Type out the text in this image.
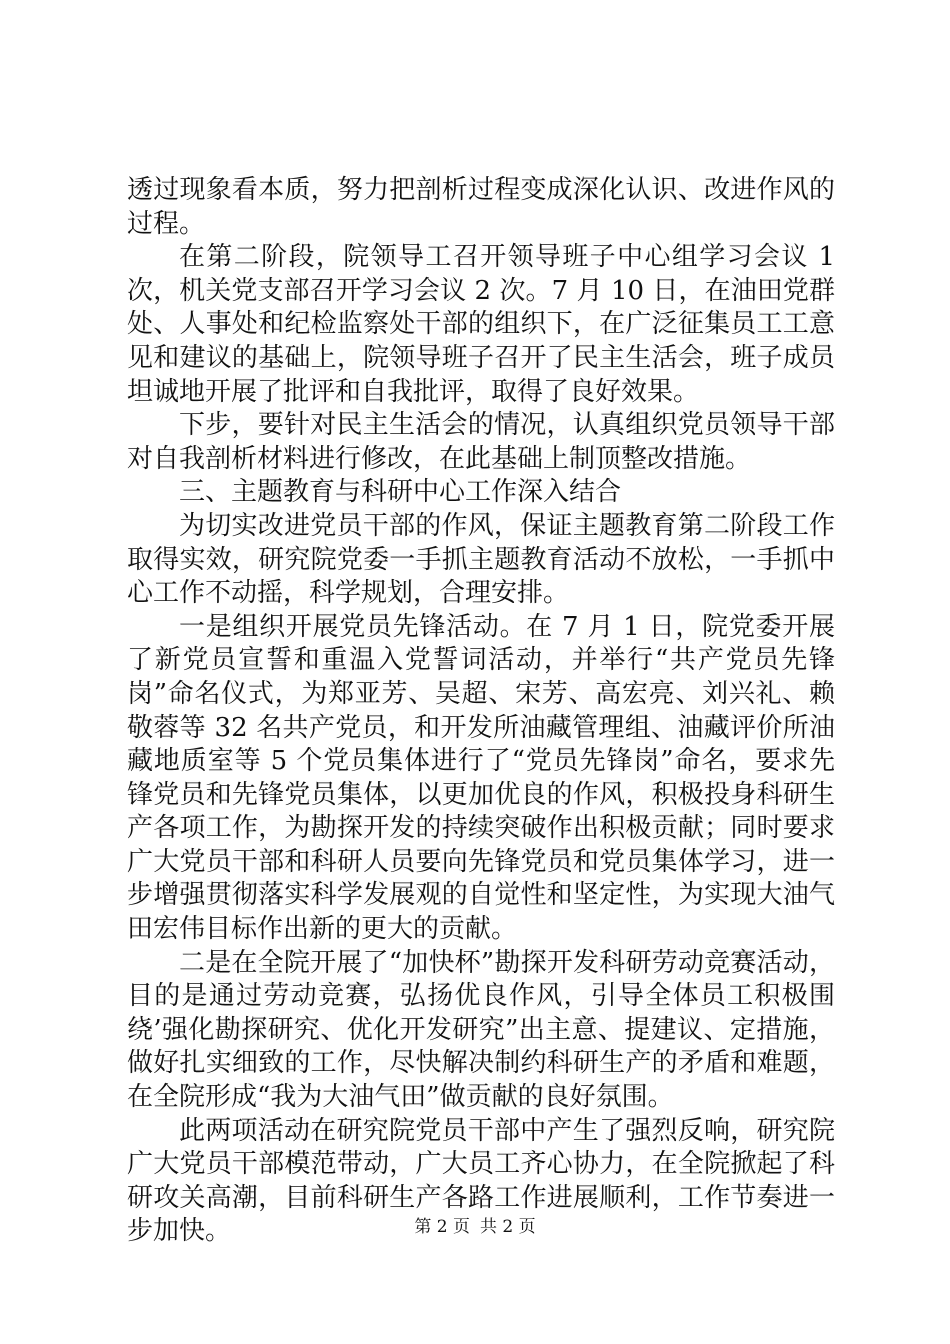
透过现象看本质，努力把剖析过程变成深化认识、改进作风的过程。

在第二阶段，院领导工召开领导班子中心组学习会议 1 次，机关党支部召开学习会议 2 次。7 月 10 日，在油田党群处、人事处和纪检监察处干部的组织下，在广泛征集员工工意见和建议的基础上，院领导班子召开了民主生活会，班子成员坦诚地开展了批评和自我批评，取得了良好效果。

下步，要针对民主生活会的情况，认真组织党员领导干部对自我剖析材料进行修改，在此基础上制顶整改措施。

三、主题教育与科研中心工作深入结合

为切实改进党员干部的作风，保证主题教育第二阶段工作取得实效，研究院党委一手抓主题教育活动不放松，一手抓中心工作不动摇，科学规划，合理安排。

一是组织开展党员先锋活动。在 7 月 1 日，院党委开展了新党员宣誓和重温入党誓词活动，并举行“共产党员先锋岗”命名仪式，为郑亚芳、吴超、宋芳、高宏亮、刘兴礼、赖敬蓉等 32 名共产党员，和开发所油藏管理组、油藏评价所油藏地质室等 5 个党员集体进行了“党员先锋岗”命名，要求先锋党员和先锋党员集体，以更加优良的作风，积极投身科研生产各项工作，为勘探开发的持续突破作出积极贡献；同时要求广大党员干部和科研人员要向先锋党员和党员集体学习，进一步增强贯彻落实科学发展观的自觉性和坚定性，为实现大油气田宏伟目标作出新的更大的贡献。

二是在全院开展了“加快杯”勘探开发科研劳动竞赛活动，目的是通过劳动竞赛，弘扬优良作风，引导全体员工积极围绕’强化勘探研究、优化开发研究”出主意、提建议、定措施，做好扎实细致的工作，尽快解决制约科研生产的矛盾和难题，在全院形成“我为大油气田”做贡献的良好氛围。

此两项活动在研究院党员干部中产生了强烈反响，研究院广大党员干部模范带动，广大员工齐心协力，在全院掀起了科研攻关高潮，目前科研生产各路工作进展顺利，工作节奏进一步加快。	第 2 页 共 2 页
